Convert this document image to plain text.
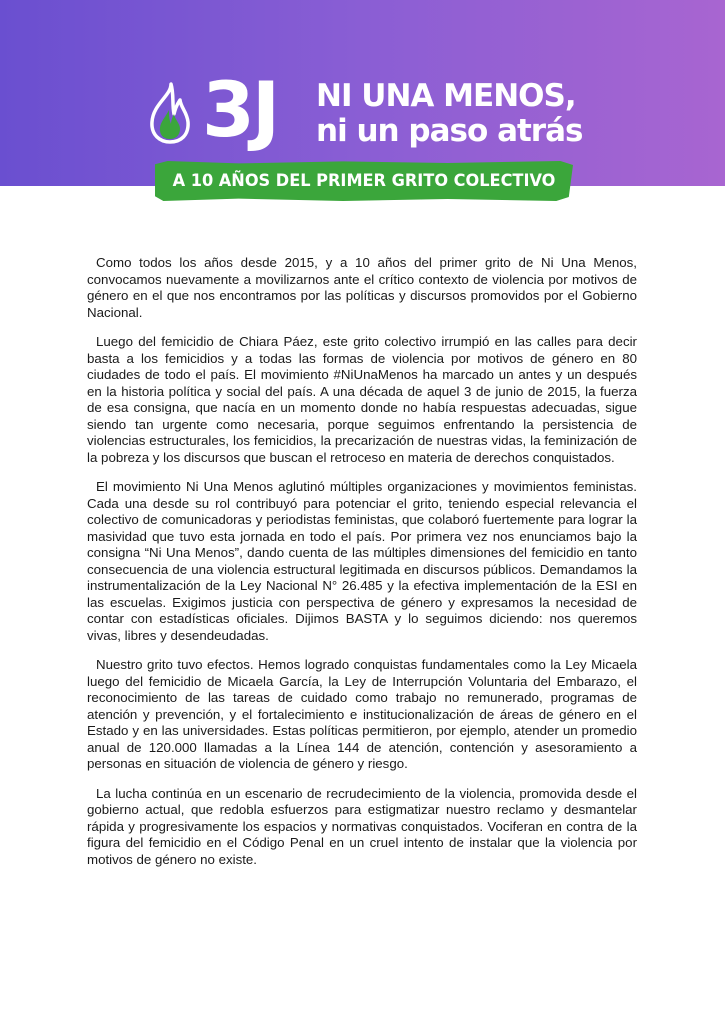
3J NI UNA MENOS,
ni un paso atrás
A 10 AÑOS DEL PRIMER GRITO COLECTIVO

Como todos los años desde 2015, y a 10 años del primer grito de Ni Una Menos, convocamos nuevamente a movilizarnos ante el crítico contexto de violencia por motivos de género en el que nos encontramos por las políticas y discursos promovidos por el Gobierno Nacional.

Luego del femicidio de Chiara Páez, este grito colectivo irrumpió en las calles para decir basta a los femicidios y a todas las formas de violencia por motivos de género en 80 ciudades de todo el país. El movimiento #NiUnaMenos ha marcado un antes y un después en la historia política y social del país. A una década de aquel 3 de junio de 2015, la fuerza de esa consigna, que nacía en un momento donde no había respuestas adecuadas, sigue siendo tan urgente como necesaria, porque seguimos enfrentando la persistencia de violencias estructurales, los femicidios, la precarización de nuestras vidas, la feminización de la pobreza y los discursos que buscan el retroceso en materia de derechos conquistados.

El movimiento Ni Una Menos aglutinó múltiples organizaciones y movimientos feministas. Cada una desde su rol contribuyó para potenciar el grito, teniendo especial relevancia el colectivo de comunicadoras y periodistas feministas, que colaboró fuertemente para lograr la masividad que tuvo esta jornada en todo el país. Por primera vez nos enunciamos bajo la consigna “Ni Una Menos”, dando cuenta de las múltiples dimensiones del femicidio en tanto consecuencia de una violencia estructural legitimada en discursos públicos. Demandamos la instrumentalización de la Ley Nacional N° 26.485 y la efectiva implementación de la ESI en las escuelas. Exigimos justicia con perspectiva de género y expresamos la necesidad de contar con estadísticas oficiales. Dijimos BASTA y lo seguimos diciendo: nos queremos vivas, libres y desendeudadas.

Nuestro grito tuvo efectos. Hemos logrado conquistas fundamentales como la Ley Micaela luego del femicidio de Micaela García, la Ley de Interrupción Voluntaria del Embarazo, el reconocimiento de las tareas de cuidado como trabajo no remunerado, programas de atención y prevención, y el fortalecimiento e institucionalización de áreas de género en el Estado y en las universidades. Estas políticas permitieron, por ejemplo, atender un promedio anual de 120.000 llamadas a la Línea 144 de atención, contención y asesoramiento a personas en situación de violencia de género y riesgo.

La lucha continúa en un escenario de recrudecimiento de la violencia, promovida desde el gobierno actual, que redobla esfuerzos para estigmatizar nuestro reclamo y desmantelar rápida y progresivamente los espacios y normativas conquistados. Vociferan en contra de la figura del femicidio en el Código Penal en un cruel intento de instalar que la violencia por motivos de género no existe.
